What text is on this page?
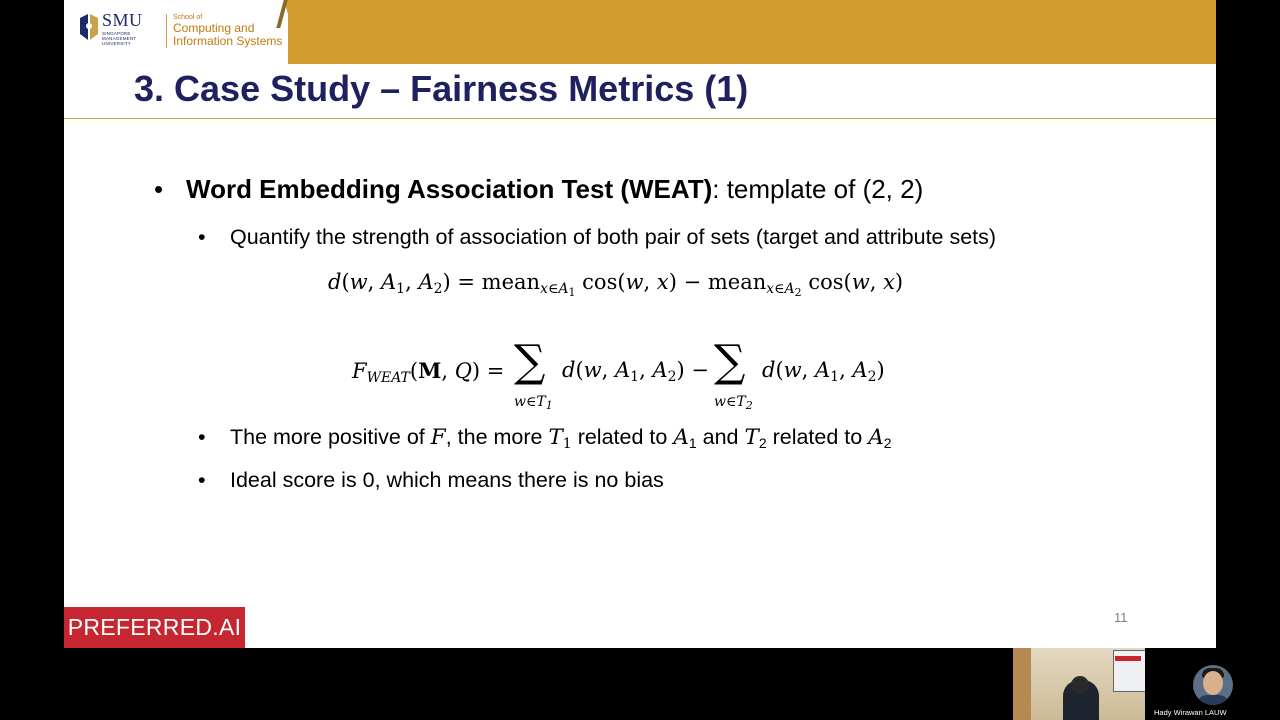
SMU
SINGAPORE MANAGEMENT UNIVERSITY
School of
Computing and
Information Systems
3. Case Study – Fairness Metrics (1)
• Word Embedding Association Test (WEAT): template of (2, 2)
• Quantify the strength of association of both pair of sets (target and attribute sets)
d(w, A1, $A2) = meanx\in A_1$ cos(w, $x) - meanx\in A_2$ cos(w, x)
FWEAT(M, Q) = ∑
$w\in T_1$
d(w, A1, A2) − ∑
$w\in T_2$
d(w, A1, A2)
• The more positive of F, the more T1 related to A1 and T2 related to A2
• Ideal score is 0, which means there is no bias
11
PREFERRED.AI
Hady Wirawan LAUW
